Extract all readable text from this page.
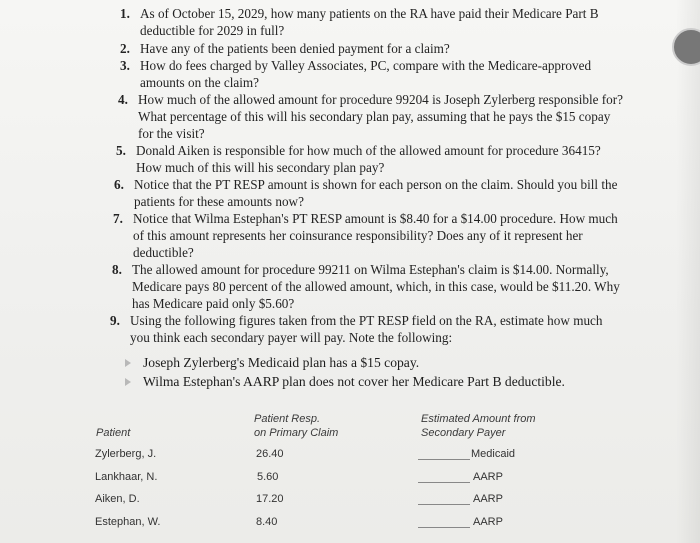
1. As of October 15, 2029, how many patients on the RA have paid their Medicare Part B deductible for 2029 in full?
2. Have any of the patients been denied payment for a claim?
3. How do fees charged by Valley Associates, PC, compare with the Medicare-approved amounts on the claim?
4. How much of the allowed amount for procedure 99204 is Joseph Zylerberg responsible for? What percentage of this will his secondary plan pay, assuming that he pays the $15 copay for the visit?
5. Donald Aiken is responsible for how much of the allowed amount for procedure 36415? How much of this will his secondary plan pay?
6. Notice that the PT RESP amount is shown for each person on the claim. Should you bill the patients for these amounts now?
7. Notice that Wilma Estephan's PT RESP amount is $8.40 for a $14.00 procedure. How much of this amount represents her coinsurance responsibility? Does any of it represent her deductible?
8. The allowed amount for procedure 99211 on Wilma Estephan's claim is $14.00. Normally, Medicare pays 80 percent of the allowed amount, which, in this case, would be $11.20. Why has Medicare paid only $5.60?
9. Using the following figures taken from the PT RESP field on the RA, estimate how much you think each secondary payer will pay. Note the following:
Joseph Zylerberg's Medicaid plan has a $15 copay.
Wilma Estephan's AARP plan does not cover her Medicare Part B deductible.
Patient
Patient Resp.
on Primary Claim
Estimated Amount from
Secondary Payer
Zylerberg, J.	26.40	Medicaid
Lankhaar, N.	5.60	AARP
Aiken, D.	17.20	AARP
Estephan, W.	8.40	AARP
